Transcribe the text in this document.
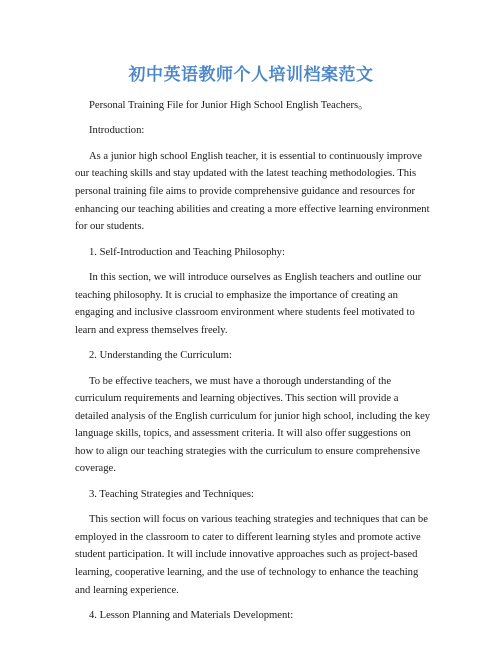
初中英语教师个人培训档案范文

Personal Training File for Junior High School English Teachers。

Introduction:

As a junior high school English teacher, it is essential to continuously improve our teaching skills and stay updated with the latest teaching methodologies. This personal training file aims to provide comprehensive guidance and resources for enhancing our teaching abilities and creating a more effective learning environment for our students.

1. Self-Introduction and Teaching Philosophy:

In this section, we will introduce ourselves as English teachers and outline our teaching philosophy. It is crucial to emphasize the importance of creating an engaging and inclusive classroom environment where students feel motivated to learn and express themselves freely.

2. Understanding the Curriculum:

To be effective teachers, we must have a thorough understanding of the curriculum requirements and learning objectives. This section will provide a detailed analysis of the English curriculum for junior high school, including the key language skills, topics, and assessment criteria. It will also offer suggestions on how to align our teaching strategies with the curriculum to ensure comprehensive coverage.

3. Teaching Strategies and Techniques:

This section will focus on various teaching strategies and techniques that can be employed in the classroom to cater to different learning styles and promote active student participation. It will include innovative approaches such as project-based learning, cooperative learning, and the use of technology to enhance the teaching and learning experience.

4. Lesson Planning and Materials Development:
